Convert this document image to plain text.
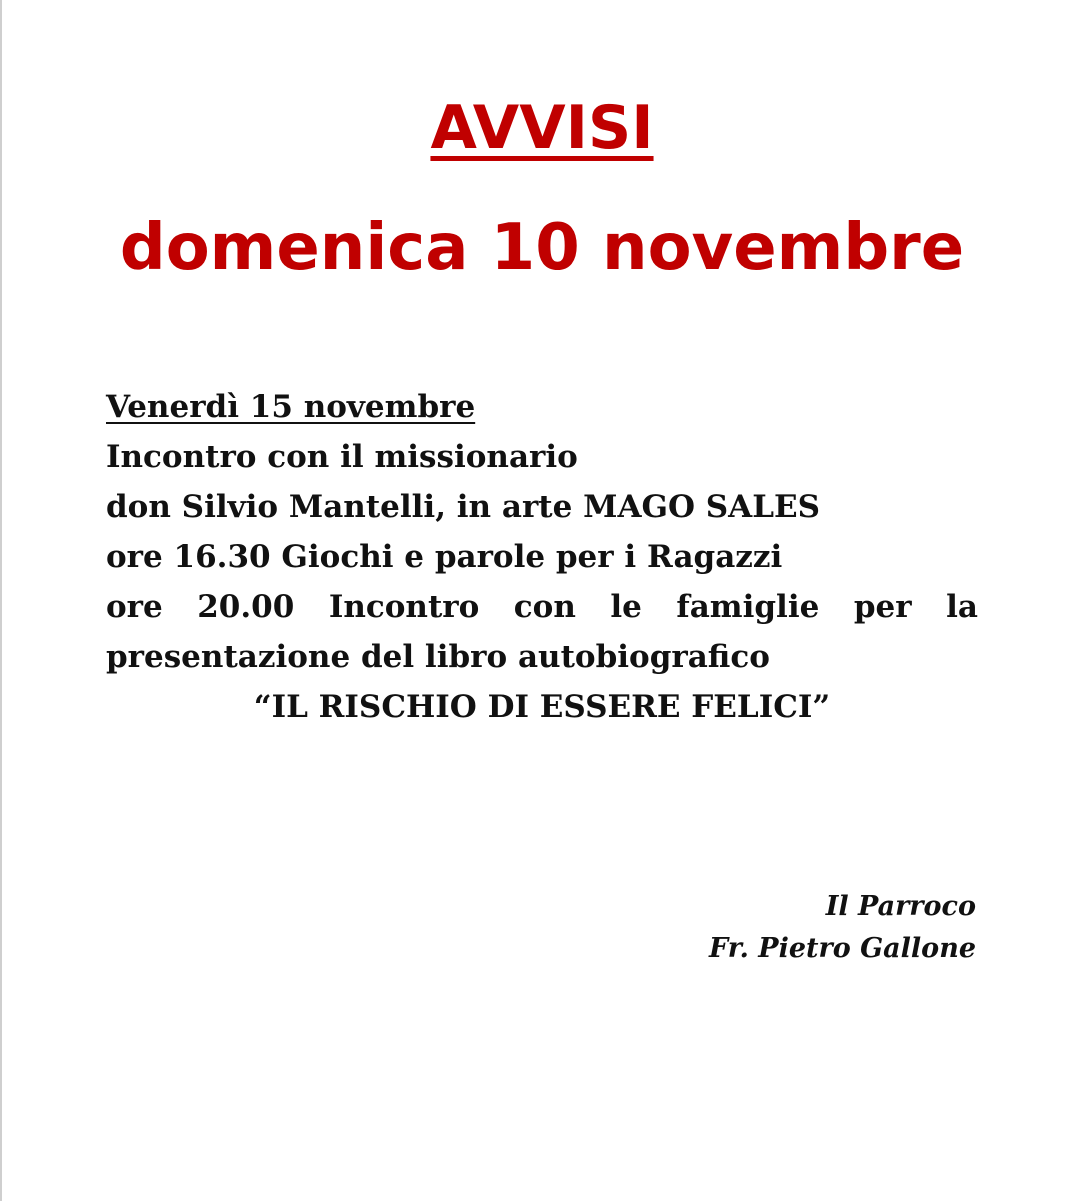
AVVISI
domenica 10 novembre
Venerdì 15 novembre
Incontro con il missionario
don Silvio Mantelli, in arte MAGO SALES
ore 16.30 Giochi e parole per i Ragazzi
ore 20.00 Incontro con le famiglie per la
presentazione del libro autobiografico
“IL RISCHIO DI ESSERE FELICI”
Il Parroco
Fr. Pietro Gallone
